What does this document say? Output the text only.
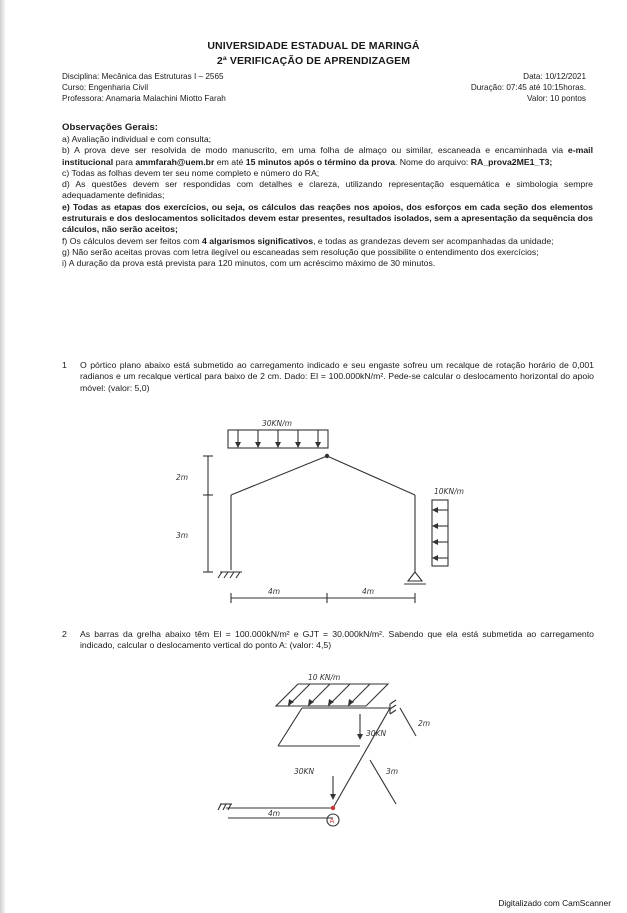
UNIVERSIDADE ESTADUAL DE MARINGÁ
2ª VERIFICAÇÃO DE APRENDIZAGEM
Disciplina: Mecânica das Estruturas I – 2565
Curso: Engenharia Civil
Professora: Anamaria Malachini Miotto Farah
Data: 10/12/2021
Duração: 07:45 até 10:15horas.
Valor: 10 pontos
Observações Gerais:

a) Avaliação individual e com consulta;

b) A prova deve ser resolvida de modo manuscrito, em uma folha de almaço ou similar, escaneada e encaminhada via e-mail institucional para ammfarah@uem.br em até 15 minutos após o término da prova. Nome do arquivo: RA_prova2ME1_T3;

c) Todas as folhas devem ter seu nome completo e número do RA;

d) As questões devem ser respondidas com detalhes e clareza, utilizando representação esquemática e simbologia sempre adequadamente definidas;

e) Todas as etapas dos exercícios, ou seja, os cálculos das reações nos apoios, dos esforços em cada seção dos elementos estruturais e dos deslocamentos solicitados devem estar presentes, resultados isolados, sem a apresentação da sequência dos cálculos, não serão aceitos;

f) Os cálculos devem ser feitos com 4 algarismos significativos, e todas as grandezas devem ser acompanhadas da unidade;

g) Não serão aceitas provas com letra ilegível ou escaneadas sem resolução que possibilite o entendimento dos exercícios;

i) A duração da prova está prevista para 120 minutos, com um acréscimo máximo de 30 minutos.

1 O pórtico plano abaixo está submetido ao carregamento indicado e seu engaste sofreu um recalque de rotação horário de 0,001 radianos e um recalque vertical para baixo de 2 cm. Dado: EI = 100.000kN/m². Pede-se calcular o deslocamento horizontal do apoio móvel: (valor: 5,0)
30KN/m
10KN/m
2m
3m
4m	4m
2 As barras da grelha abaixo têm EI = 100.000kN/m² e GJT = 30.000kN/m². Sabendo que ela está submetida ao carregamento indicado, calcular o deslocamento vertical do ponto A: (valor: 4,5)
10 KN/m
30KN
30KN
2m
3m
4m
A
Digitalizado com CamScanner
